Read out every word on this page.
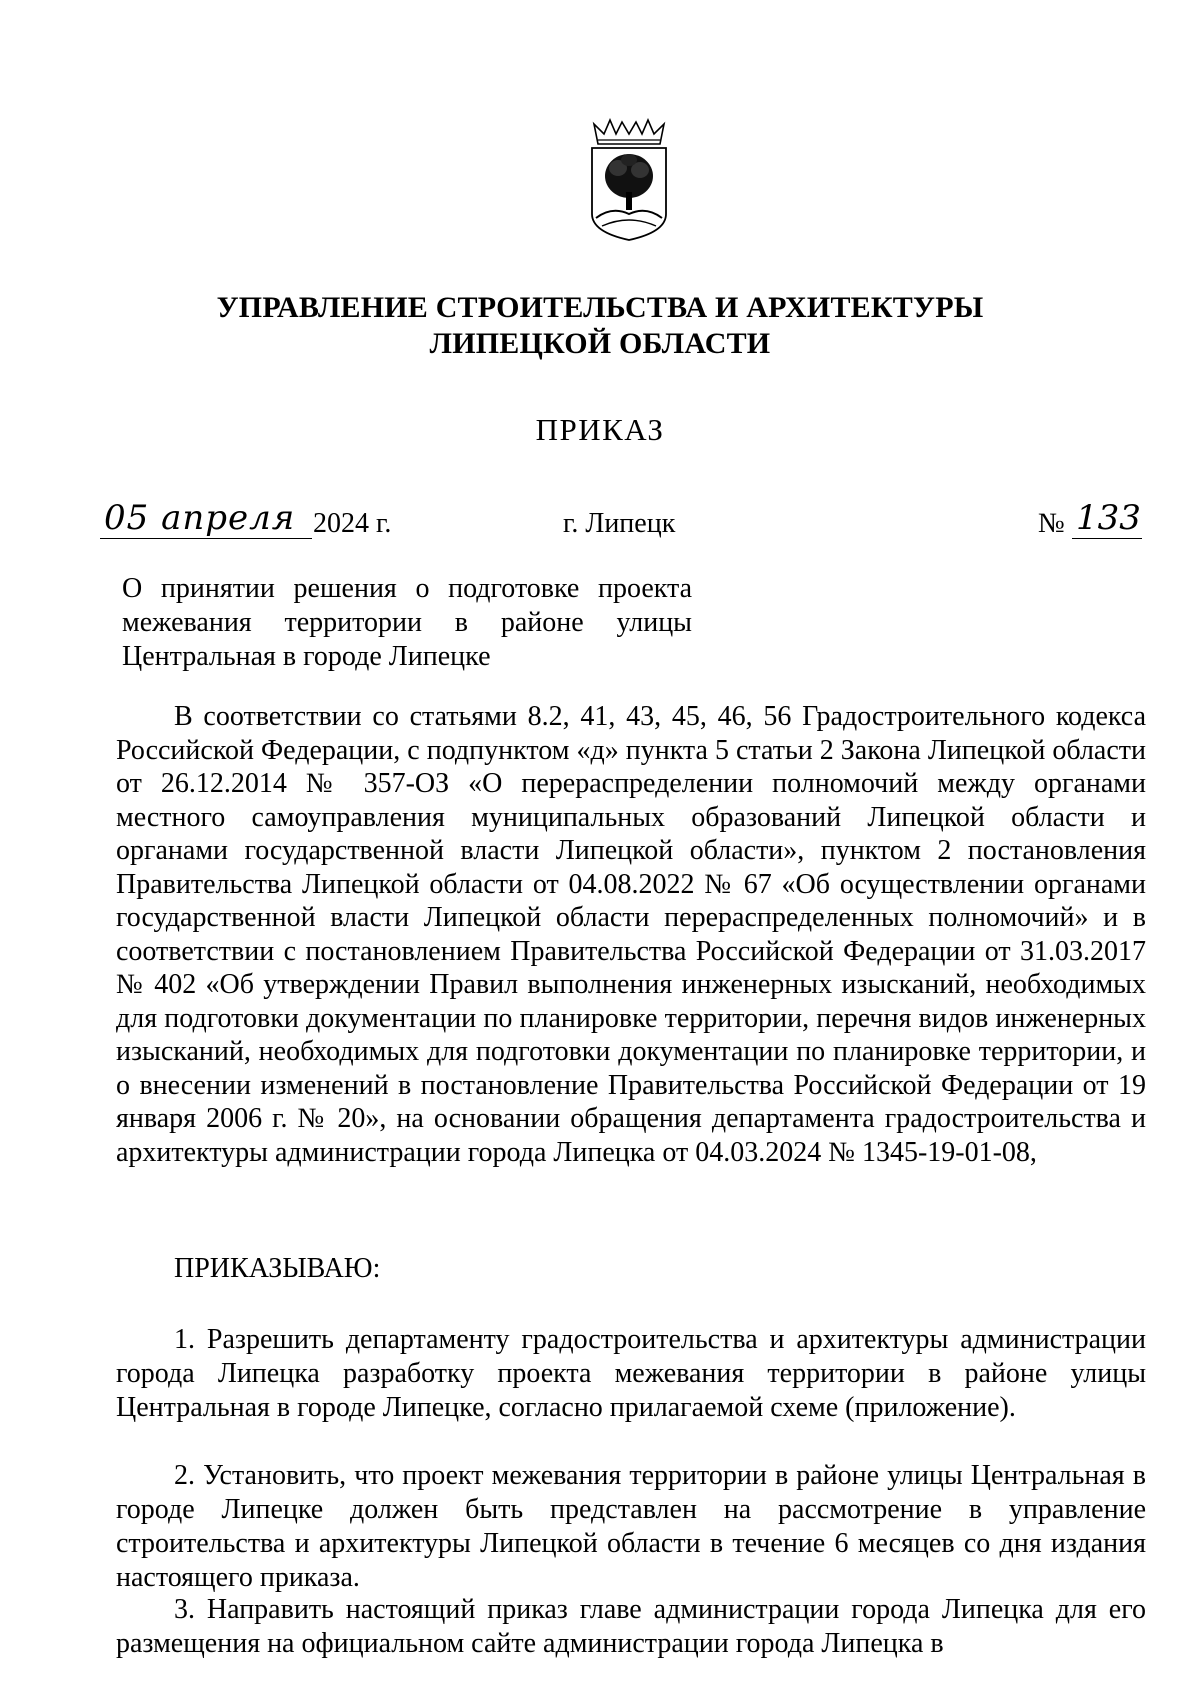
УПРАВЛЕНИЕ СТРОИТЕЛЬСТВА И АРХИТЕКТУРЫ
ЛИПЕЦКОЙ ОБЛАСТИ
ПРИКАЗ
05 апреля 2024 г.	г. Липецк	№ 133
О принятии решения о подготовке проекта межевания территории в районе улицы Центральная в городе Липецке

В соответствии со статьями 8.2, 41, 43, 45, 46, 56 Градостроительного кодекса Российской Федерации, с подпунктом «д» пункта 5 статьи 2 Закона Липецкой области от 26.12.2014 № 357-ОЗ «О перераспределении полномочий между органами местного самоуправления муниципальных образований Липецкой области и органами государственной власти Липецкой области», пунктом 2 постановления Правительства Липецкой области от 04.08.2022 № 67 «Об осуществлении органами государственной власти Липецкой области перераспределенных полномочий» и в соответствии с постановлением Правительства Российской Федерации от 31.03.2017 № 402 «Об утверждении Правил выполнения инженерных изысканий, необходимых для подготовки документации по планировке территории, перечня видов инженерных изысканий, необходимых для подготовки документации по планировке территории, и о внесении изменений в постановление Правительства Российской Федерации от 19 января 2006 г. № 20», на основании обращения департамента градостроительства и архитектуры администрации города Липецка от 04.03.2024 № 1345-19-01-08,

ПРИКАЗЫВАЮ:

1. Разрешить департаменту градостроительства и архитектуры администрации города Липецка разработку проекта межевания территории в районе улицы Центральная в городе Липецке, согласно прилагаемой схеме (приложение).

2. Установить, что проект межевания территории в районе улицы Центральная в городе Липецке должен быть представлен на рассмотрение в управление строительства и архитектуры Липецкой области в течение 6 месяцев со дня издания настоящего приказа.

3. Направить настоящий приказ главе администрации города Липецка для его размещения на официальном сайте администрации города Липецка в
